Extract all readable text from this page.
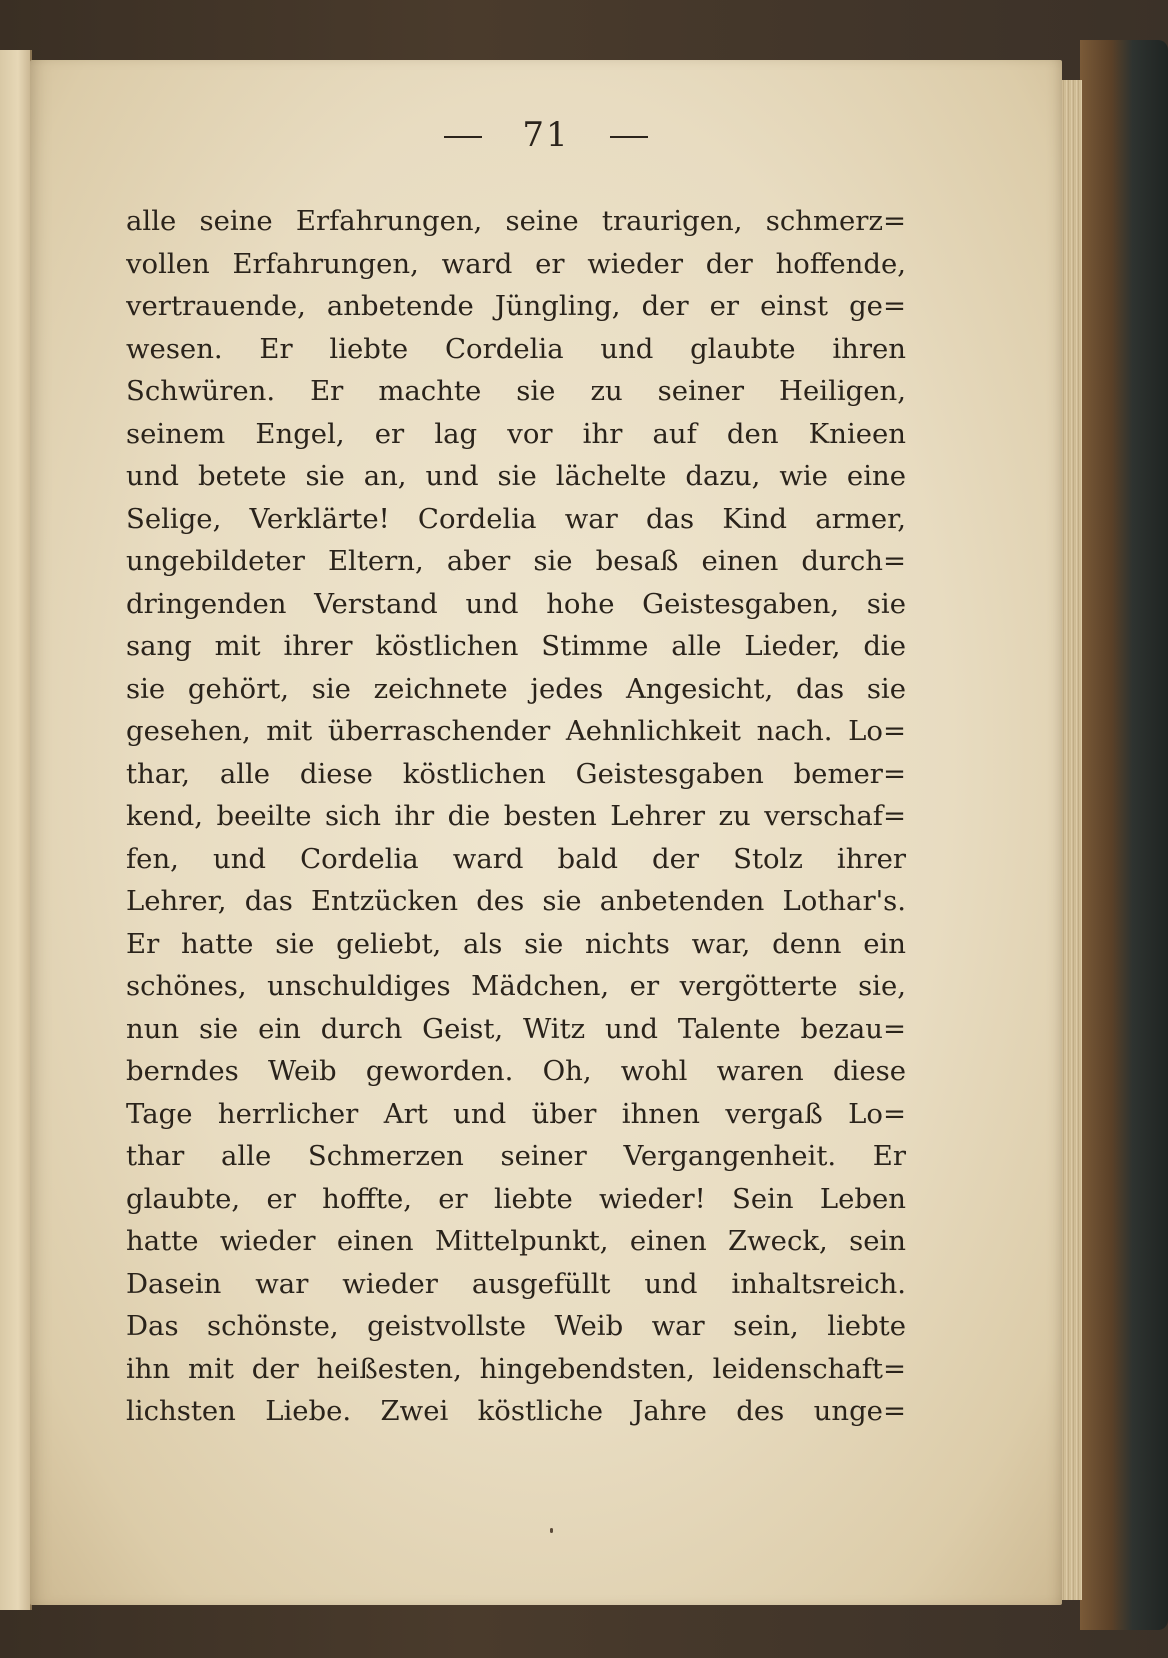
71
alle seine Erfahrungen, seine traurigen, schmerz=
vollen Erfahrungen, ward er wieder der hoffende,
vertrauende, anbetende Jüngling, der er einst ge=
wesen. Er liebte Cordelia und glaubte ihren
Schwüren. Er machte sie zu seiner Heiligen,
seinem Engel, er lag vor ihr auf den Knieen
und betete sie an, und sie lächelte dazu, wie eine
Selige, Verklärte! Cordelia war das Kind armer,
ungebildeter Eltern, aber sie besaß einen durch=
dringenden Verstand und hohe Geistesgaben, sie
sang mit ihrer köstlichen Stimme alle Lieder, die
sie gehört, sie zeichnete jedes Angesicht, das sie
gesehen, mit überraschender Aehnlichkeit nach. Lo=
thar, alle diese köstlichen Geistesgaben bemer=
kend, beeilte sich ihr die besten Lehrer zu verschaf=
fen, und Cordelia ward bald der Stolz ihrer
Lehrer, das Entzücken des sie anbetenden Lothar's.
Er hatte sie geliebt, als sie nichts war, denn ein
schönes, unschuldiges Mädchen, er vergötterte sie,
nun sie ein durch Geist, Witz und Talente bezau=
berndes Weib geworden. Oh, wohl waren diese
Tage herrlicher Art und über ihnen vergaß Lo=
thar alle Schmerzen seiner Vergangenheit. Er
glaubte, er hoffte, er liebte wieder! Sein Leben
hatte wieder einen Mittelpunkt, einen Zweck, sein
Dasein war wieder ausgefüllt und inhaltsreich.
Das schönste, geistvollste Weib war sein, liebte
ihn mit der heißesten, hingebendsten, leidenschaft=
lichsten Liebe. Zwei köstliche Jahre des unge=
